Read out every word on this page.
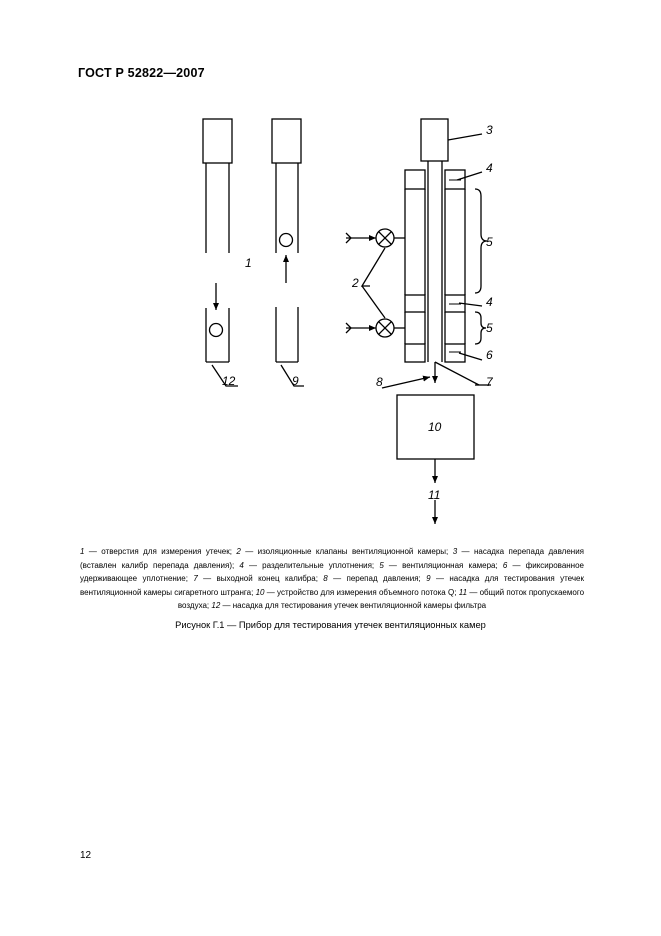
ГОСТ Р 52822—2007
1
2
3
4
4
5
5
6
7
8
9
10
11
12
1 — отверстия для измерения утечек; 2 — изоляционные клапаны вентиляционной камеры; 3 — насадка перепада давления (вставлен калибр перепада давления); 4 — разделительные уплотнения; 5 — вентиляционная камера; 6 — фиксированное удерживающее уплотнение; 7 — выходной конец калибра; 8 — перепад давления; 9 — насадка для тестирования утечек вентиляционной камеры сигаретного штранга; 10 — устройство для измерения объемного потока Q; 11 — общий поток пропускаемого воздуха; 12 — насадка для тестирования утечек вентиляционной камеры фильтра
Рисунок Г.1 — Прибор для тестирования утечек вентиляционных камер
12
